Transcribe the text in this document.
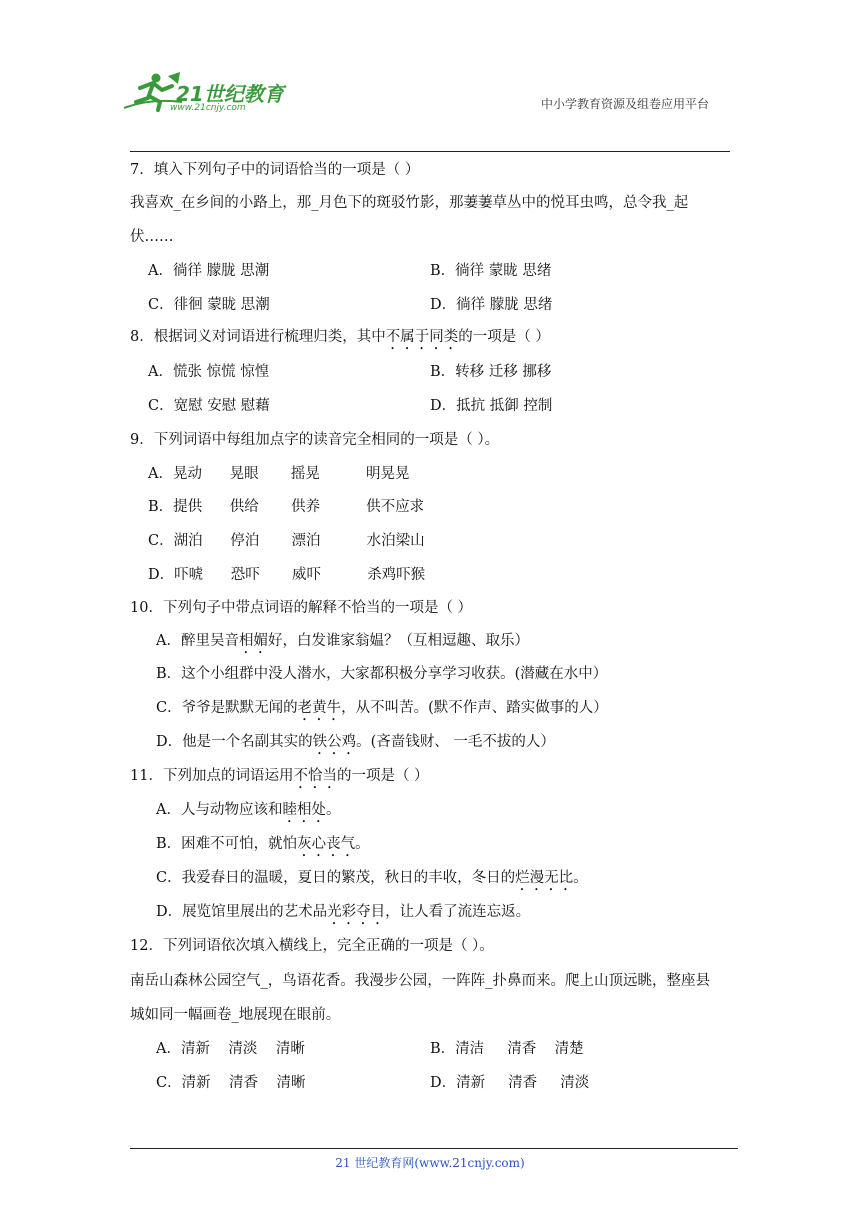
21世纪教育
www.21cnjy.com	中小学教育资源及组卷应用平台
7．填入下列句子中的词语恰当的一项是（ ）
我喜欢_在乡间的小路上，那_月色下的斑驳竹影，那萋萋草丛中的悦耳虫鸣，总令我_起
伏……
A．徜徉 朦胧 思潮	B．徜徉 蒙眬 思绪
C．徘徊 蒙眬 思潮	D．徜徉 朦胧 思绪
8．根据词义对词语进行梳理归类，其中不属于同类的一项是（ ）
A．慌张 惊慌 惊惶	B．转移 迁移 挪移
C．宽慰 安慰 慰藉	D．抵抗 抵御 控制
9．下列词语中每组加点字的读音完全相同的一项是（ ）。
A．晃动      晃眼       摇晃          明晃晃
B．提供      供给       供养          供不应求
C．湖泊      停泊       漂泊          水泊梁山
D．吓唬      恐吓       威吓          杀鸡吓猴
10．下列句子中带点词语的解释不恰当的一项是（ ）
A．醉里吴音相媚好，白发谁家翁媪？（互相逗趣、取乐）
B．这个小组群中没人潜水，大家都积极分享学习收获。(潜藏在水中）
C．爷爷是默默无闻的老黄牛，从不叫苦。(默不作声、踏实做事的人）
D．他是一个名副其实的铁公鸡。(吝啬钱财、 一毛不拔的人）
11．下列加点的词语运用不恰当的一项是（ ）
A．人与动物应该和睦相处。
B．困难不可怕，就怕灰心丧气。
C．我爱春日的温暖，夏日的繁茂，秋日的丰收，冬日的烂漫无比。
D．展览馆里展出的艺术品光彩夺目，让人看了流连忘返。
12．下列词语依次填入横线上，完全正确的一项是（ ）。
南岳山森林公园空气_，鸟语花香。我漫步公园，一阵阵_扑鼻而来。爬上山顶远眺，整座县
城如同一幅画卷_地展现在眼前。
A．清新    清淡    清晰	B．清洁     清香    清楚
C．清新    清香    清晰	D．清新     清香     清淡
21 世纪教育网(www.21cnjy.com)
